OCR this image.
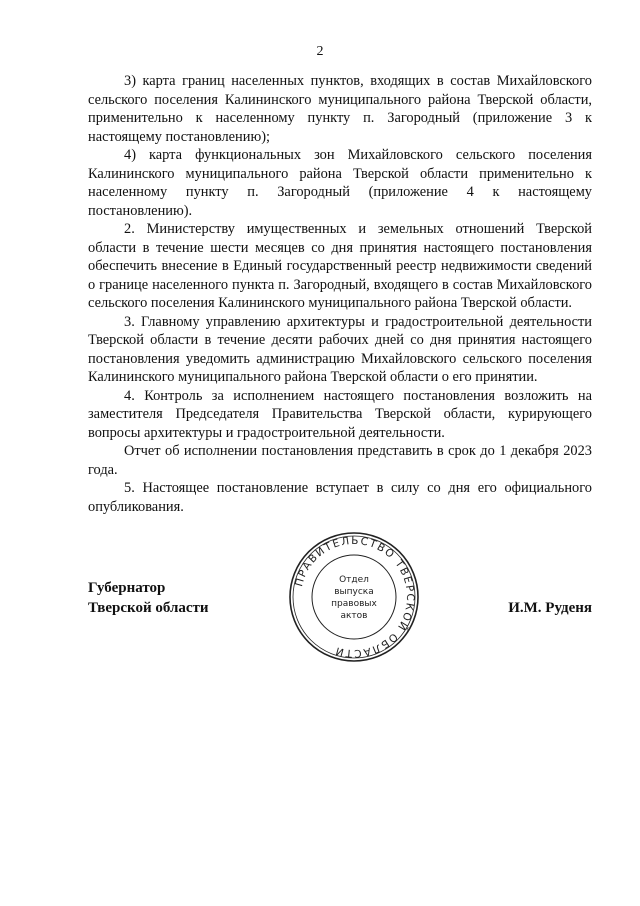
2

3) карта границ населенных пунктов, входящих в состав Михайловского сельского поселения Калининского муниципального района Тверской области, применительно к населенному пункту п. Загородный (приложение 3 к настоящему постановлению);

4) карта функциональных зон Михайловского сельского поселения Калининского муниципального района Тверской области применительно к населенному пункту п. Загородный (приложение 4 к настоящему постановлению).

2. Министерству имущественных и земельных отношений Тверской области в течение шести месяцев со дня принятия настоящего постановления обеспечить внесение в Единый государственный реестр недвижимости сведений о границе населенного пункта п. Загородный, входящего в состав Михайловского сельского поселения Калининского муниципального района Тверской области.

3. Главному управлению архитектуры и градостроительной деятельности Тверской области в течение десяти рабочих дней со дня принятия настоящего постановления уведомить администрацию Михайловского сельского поселения Калининского муниципального района Тверской области о его принятии.

4. Контроль за исполнением настоящего постановления возложить на заместителя Председателя Правительства Тверской области, курирующего вопросы архитектуры и градостроительной деятельности.

Отчет об исполнении постановления представить в срок до 1 декабря 2023 года.

5. Настоящее постановление вступает в силу со дня его официального опубликования.

Губернатор
Тверской области	И.М. Руденя
ПРАВИТЕЛЬСТВО ТВЕРСКОЙ ОБЛАСТИ
Отдел
выпуска
правовых
актов
